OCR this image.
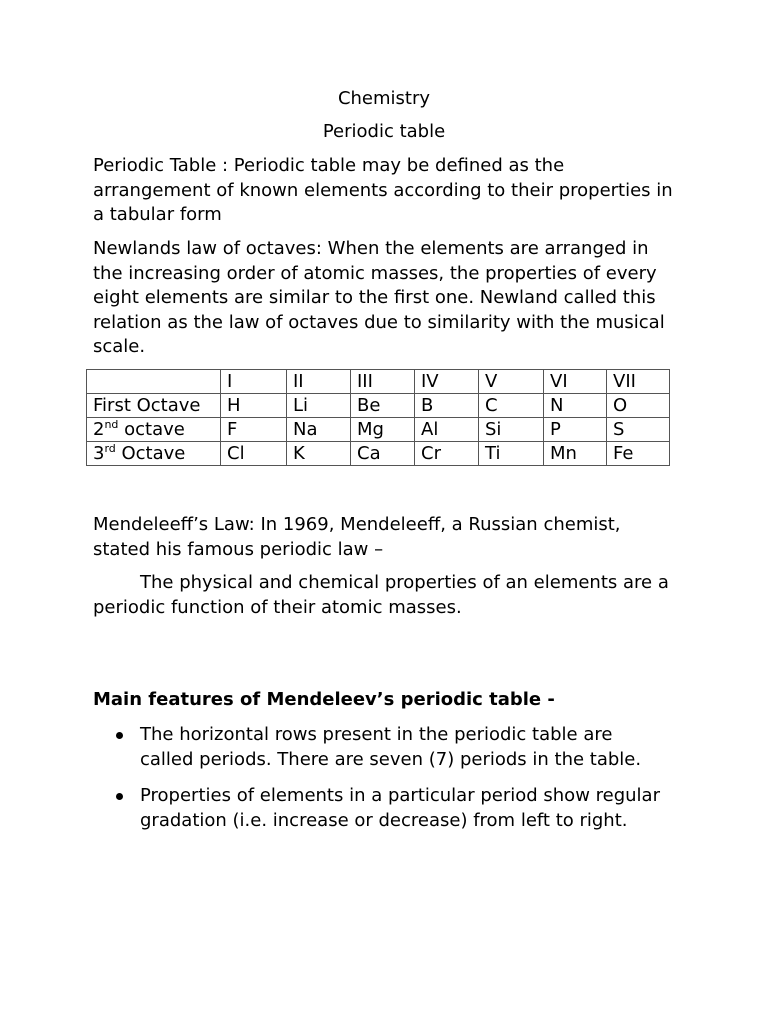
Chemistry
Periodic table

Periodic Table : Periodic table may be defined as the arrangement of known elements according to their properties in a tabular form

Newlands law of octaves: When the elements are arranged in the increasing order of atomic masses, the properties of every eight elements are similar to the first one. Newland called this relation as the law of octaves due to similarity with the musical scale.

	I	II	III	IV	V	VI	VII
First Octave	H	Li	Be	B	C	N	O
2nd octave	F	Na	Mg	Al	Si	P	S
3rd Octave	Cl	K	Ca	Cr	Ti	Mn	Fe

Mendeleeff’s Law: In 1969, Mendeleeff, a Russian chemist, stated his famous periodic law –

The physical and chemical properties of an elements are a periodic function of their atomic masses.

Main features of Mendeleev’s periodic table -
The horizontal rows present in the periodic table are called periods. There are seven (7) periods in the table.
Properties of elements in a particular period show regular gradation (i.e. increase or decrease) from left to right.
